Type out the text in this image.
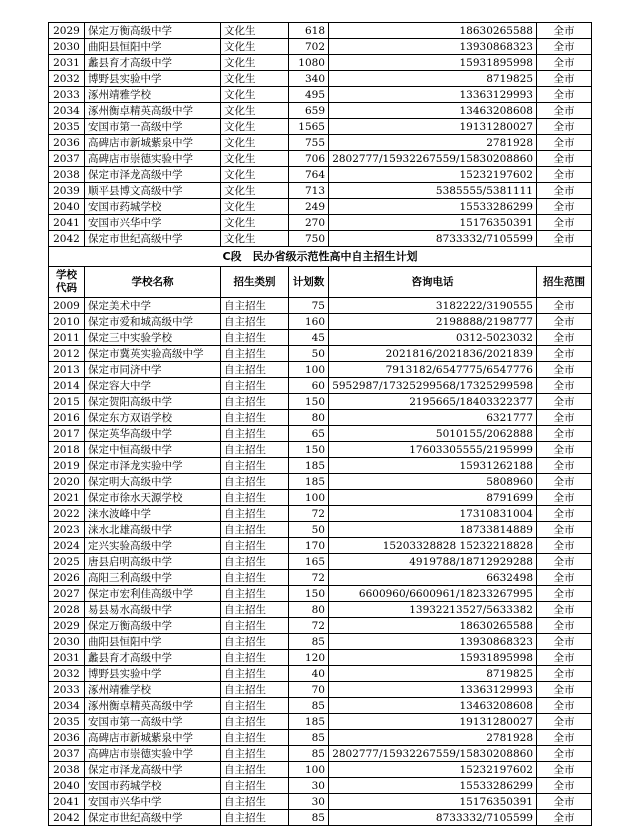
2029	保定万衡高级中学	文化生	618	18630265588	全市
2030	曲阳县恒阳中学	文化生	702	13930868323	全市
2031	蠡县育才高级中学	文化生	1080	15931895998	全市
2032	博野县实验中学	文化生	340	8719825	全市
2033	涿州靖雅学校	文化生	495	13363129993	全市
2034	涿州衡卓精英高级中学	文化生	659	13463208608	全市
2035	安国市第一高级中学	文化生	1565	19131280027	全市
2036	高碑店市新城紫泉中学	文化生	755	2781928	全市
2037	高碑店市崇德实验中学	文化生	706	2802777/15932267559/15830208860	全市
2038	保定市泽龙高级中学	文化生	764	15232197602	全市
2039	顺平县博文高级中学	文化生	713	5385555/5381111	全市
2040	安国市药城学校	文化生	249	15533286299	全市
2041	安国市兴华中学	文化生	270	15176350391	全市
2042	保定市世纪高级中学	文化生	750	8733332/7105599	全市
C段　民办省级示范性高中自主招生计划					
学校代码	学校名称	招生类别	计划数	咨询电话	招生范围
2009	保定美术中学	自主招生	75	3182222/3190555	全市
2010	保定市爱和城高级中学	自主招生	160	2198888/2198777	全市
2011	保定三中实验学校	自主招生	45	0312-5023032	全市
2012	保定市冀英实验高级中学	自主招生	50	2021816/2021836/2021839	全市
2013	保定市同济中学	自主招生	100	7913182/6547775/6547776	全市
2014	保定容大中学	自主招生	60	5952987/17325299568/17325299598	全市
2015	保定贺阳高级中学	自主招生	150	2195665/18403322377	全市
2016	保定东方双语学校	自主招生	80	6321777	全市
2017	保定英华高级中学	自主招生	65	5010155/2062888	全市
2018	保定中恒高级中学	自主招生	150	17603305555/2195999	全市
2019	保定市泽龙实验中学	自主招生	185	15931262188	全市
2020	保定明大高级中学	自主招生	185	5808960	全市
2021	保定市徐水天源学校	自主招生	100	8791699	全市
2022	涞水波峰中学	自主招生	72	17310831004	全市
2023	涞水北雄高级中学	自主招生	50	18733814889	全市
2024	定兴实验高级中学	自主招生	170	15203328828 15232218828	全市
2025	唐县启明高级中学	自主招生	165	4919788/18712929288	全市
2026	高阳三利高级中学	自主招生	72	6632498	全市
2027	保定市宏利佳高级中学	自主招生	150	6600960/6600961/18233267995	全市
2028	易县易水高级中学	自主招生	80	13932213527/5633382	全市
2029	保定万衡高级中学	自主招生	72	18630265588	全市
2030	曲阳县恒阳中学	自主招生	85	13930868323	全市
2031	蠡县育才高级中学	自主招生	120	15931895998	全市
2032	博野县实验中学	自主招生	40	8719825	全市
2033	涿州靖雅学校	自主招生	70	13363129993	全市
2034	涿州衡卓精英高级中学	自主招生	85	13463208608	全市
2035	安国市第一高级中学	自主招生	185	19131280027	全市
2036	高碑店市新城紫泉中学	自主招生	85	2781928	全市
2037	高碑店市崇德实验中学	自主招生	85	2802777/15932267559/15830208860	全市
2038	保定市泽龙高级中学	自主招生	100	15232197602	全市
2040	安国市药城学校	自主招生	30	15533286299	全市
2041	安国市兴华中学	自主招生	30	15176350391	全市
2042	保定市世纪高级中学	自主招生	85	8733332/7105599	全市
